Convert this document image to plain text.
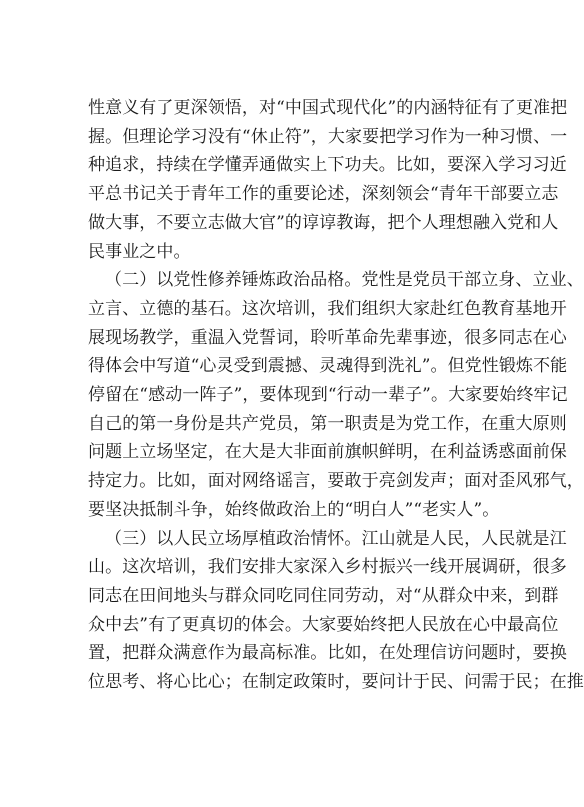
性意义有了更深领悟，对“中国式现代化”的内涵特征有了更准把
握。但理论学习没有“休止符”，大家要把学习作为一种习惯、一
种追求，持续在学懂弄通做实上下功夫。比如，要深入学习习近
平总书记关于青年工作的重要论述，深刻领会“青年干部要立志
做大事，不要立志做大官”的谆谆教诲，把个人理想融入党和人
民事业之中。
（二）以党性修养锤炼政治品格。党性是党员干部立身、立业、
立言、立德的基石。这次培训，我们组织大家赴红色教育基地开
展现场教学，重温入党誓词，聆听革命先辈事迹，很多同志在心
得体会中写道“心灵受到震撼、灵魂得到洗礼”。但党性锻炼不能
停留在“感动一阵子”，要体现到“行动一辈子”。大家要始终牢记
自己的第一身份是共产党员，第一职责是为党工作，在重大原则
问题上立场坚定，在大是大非面前旗帜鲜明，在利益诱惑面前保
持定力。比如，面对网络谣言，要敢于亮剑发声；面对歪风邪气，
要坚决抵制斗争，始终做政治上的“明白人”“老实人”。
（三）以人民立场厚植政治情怀。江山就是人民，人民就是江
山。这次培训，我们安排大家深入乡村振兴一线开展调研，很多
同志在田间地头与群众同吃同住同劳动，对“从群众中来，到群
众中去”有了更真切的体会。大家要始终把人民放在心中最高位
置，把群众满意作为最高标准。比如，在处理信访问题时，要换
位思考、将心比心；在制定政策时，要问计于民、问需于民；在推
